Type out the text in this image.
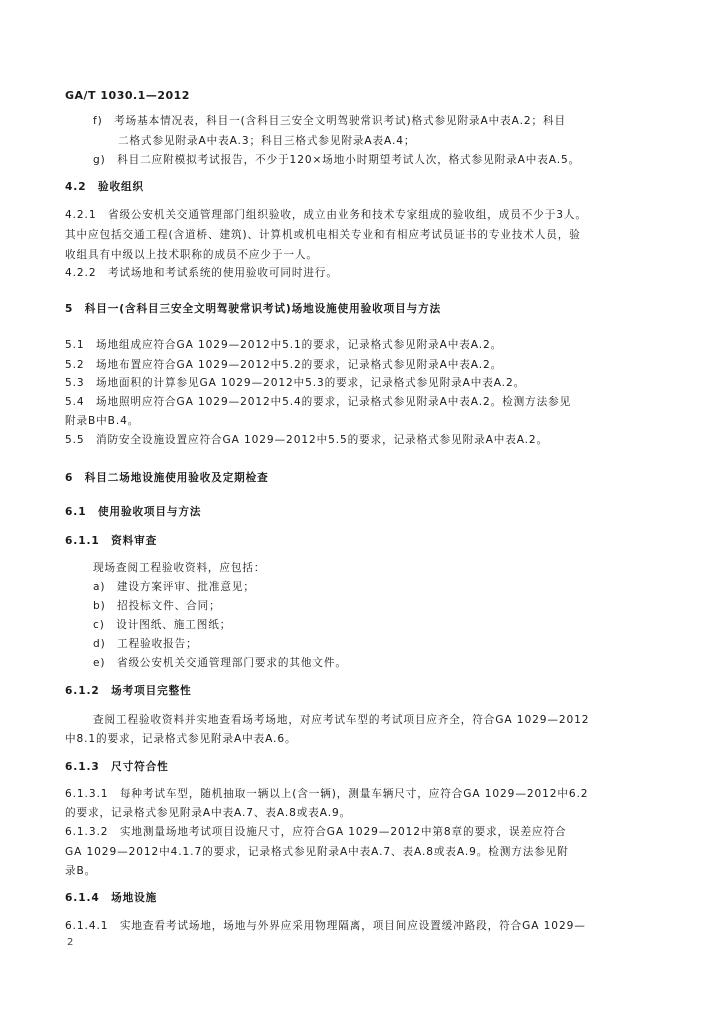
GA/T 1030.1—2012
f)　考场基本情况表，科目一(含科目三安全文明驾驶常识考试)格式参见附录A中表A.2；科目
二格式参见附录A中表A.3；科目三格式参见附录A表A.4；
g)　科目二应附模拟考试报告，不少于120×场地小时期望考试人次，格式参见附录A中表A.5。
4.2　验收组织
4.2.1　省级公安机关交通管理部门组织验收，成立由业务和技术专家组成的验收组，成员不少于3人。
其中应包括交通工程(含道桥、建筑)、计算机或机电相关专业和有相应考试员证书的专业技术人员，验
收组具有中级以上技术职称的成员不应少于一人。
4.2.2　考试场地和考试系统的使用验收可同时进行。
5　科目一(含科目三安全文明驾驶常识考试)场地设施使用验收项目与方法
5.1　场地组成应符合GA 1029—2012中5.1的要求，记录格式参见附录A中表A.2。
5.2　场地布置应符合GA 1029—2012中5.2的要求，记录格式参见附录A中表A.2。
5.3　场地面积的计算参见GA 1029—2012中5.3的要求，记录格式参见附录A中表A.2。
5.4　场地照明应符合GA 1029—2012中5.4的要求，记录格式参见附录A中表A.2。检测方法参见
附录B中B.4。
5.5　消防安全设施设置应符合GA 1029—2012中5.5的要求，记录格式参见附录A中表A.2。
6　科目二场地设施使用验收及定期检查
6.1　使用验收项目与方法
6.1.1　资料审查
现场查阅工程验收资料，应包括：
a)　建设方案评审、批准意见；
b)　招投标文件、合同；
c)　设计图纸、施工图纸；
d)　工程验收报告；
e)　省级公安机关交通管理部门要求的其他文件。
6.1.2　场考项目完整性
查阅工程验收资料并实地查看场考场地，对应考试车型的考试项目应齐全，符合GA 1029—2012
中8.1的要求，记录格式参见附录A中表A.6。
6.1.3　尺寸符合性
6.1.3.1　每种考试车型，随机抽取一辆以上(含一辆)，测量车辆尺寸，应符合GA 1029—2012中6.2
的要求，记录格式参见附录A中表A.7、表A.8或表A.9。
6.1.3.2　实地测量场地考试项目设施尺寸，应符合GA 1029—2012中第8章的要求，误差应符合
GA 1029—2012中4.1.7的要求，记录格式参见附录A中表A.7、表A.8或表A.9。检测方法参见附
录B。
6.1.4　场地设施
6.1.4.1　实地查看考试场地，场地与外界应采用物理隔离，项目间应设置缓冲路段，符合GA 1029—
2
